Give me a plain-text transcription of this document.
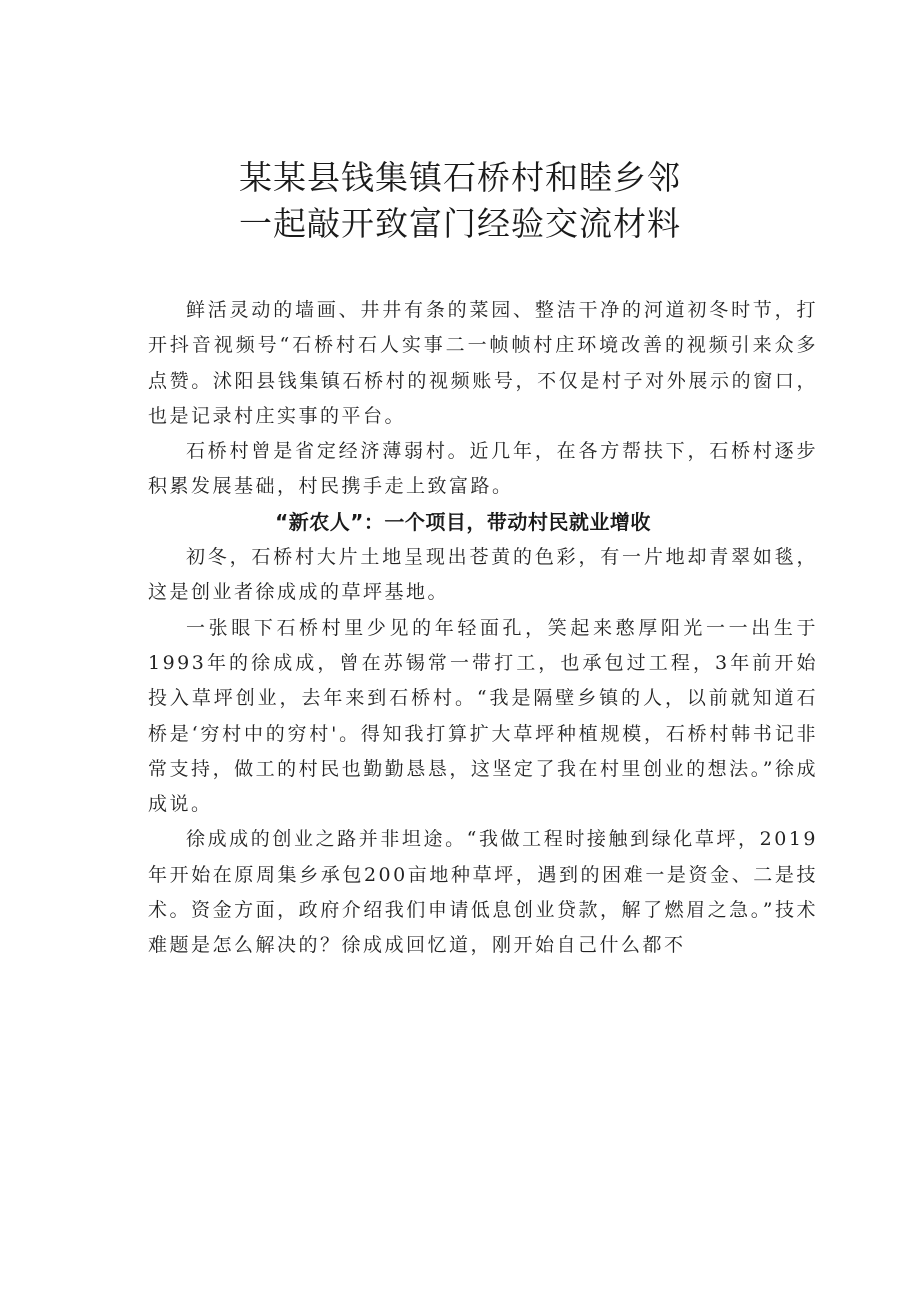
某某县钱集镇石桥村和睦乡邻
一起敲开致富门经验交流材料

鲜活灵动的墙画、井井有条的菜园、整洁干净的河道初冬时节，打开抖音视频号“石桥村石人实事二一帧帧村庄环境改善的视频引来众多点赞。沭阳县钱集镇石桥村的视频账号，不仅是村子对外展示的窗口，也是记录村庄实事的平台。

石桥村曾是省定经济薄弱村。近几年，在各方帮扶下，石桥村逐步积累发展基础，村民携手走上致富路。

“新农人”：一个项目，带动村民就业增收

初冬，石桥村大片土地呈现出苍黄的色彩，有一片地却青翠如毯，这是创业者徐成成的草坪基地。

一张眼下石桥村里少见的年轻面孔，笑起来憨厚阳光一一出生于1993年的徐成成，曾在苏锡常一带打工，也承包过工程，3年前开始投入草坪创业，去年来到石桥村。“我是隔壁乡镇的人，以前就知道石桥是‘穷村中的穷村'。得知我打算扩大草坪种植规模，石桥村韩书记非常支持，做工的村民也勤勤恳恳，这坚定了我在村里创业的想法。”徐成成说。

徐成成的创业之路并非坦途。“我做工程时接触到绿化草坪，2019年开始在原周集乡承包200亩地种草坪，遇到的困难一是资金、二是技术。资金方面，政府介绍我们申请低息创业贷款，解了燃眉之急。”技术难题是怎么解决的？徐成成回忆道，刚开始自己什么都不
